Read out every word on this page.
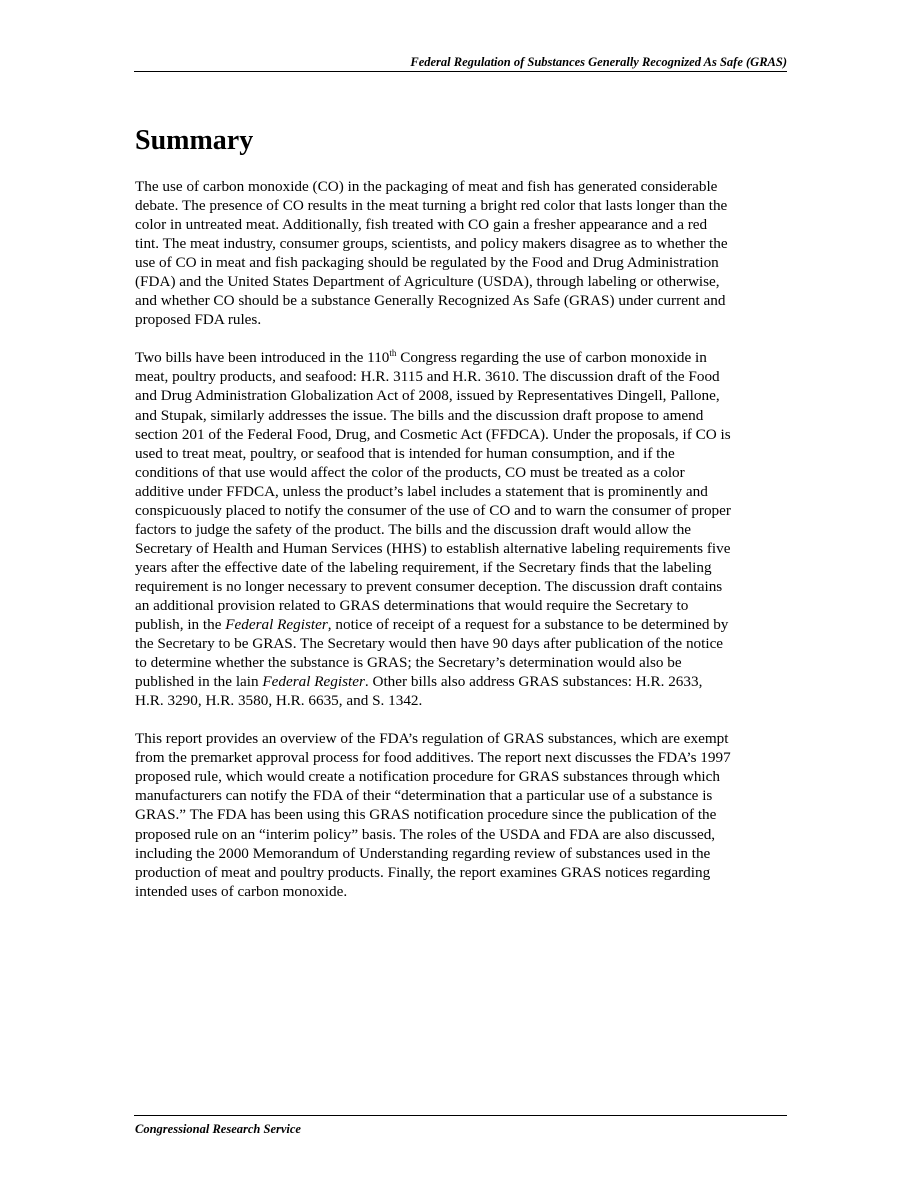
Federal Regulation of Substances Generally Recognized As Safe (GRAS)
Summary

The use of carbon monoxide (CO) in the packaging of meat and fish has generated considerable
debate. The presence of CO results in the meat turning a bright red color that lasts longer than the
color in untreated meat. Additionally, fish treated with CO gain a fresher appearance and a red
tint. The meat industry, consumer groups, scientists, and policy makers disagree as to whether the
use of CO in meat and fish packaging should be regulated by the Food and Drug Administration
(FDA) and the United States Department of Agriculture (USDA), through labeling or otherwise,
and whether CO should be a substance Generally Recognized As Safe (GRAS) under current and
proposed FDA rules.

Two bills have been introduced in the 110th Congress regarding the use of carbon monoxide in
meat, poultry products, and seafood: H.R. 3115 and H.R. 3610. The discussion draft of the Food
and Drug Administration Globalization Act of 2008, issued by Representatives Dingell, Pallone,
and Stupak, similarly addresses the issue. The bills and the discussion draft propose to amend
section 201 of the Federal Food, Drug, and Cosmetic Act (FFDCA). Under the proposals, if CO is
used to treat meat, poultry, or seafood that is intended for human consumption, and if the
conditions of that use would affect the color of the products, CO must be treated as a color
additive under FFDCA, unless the product’s label includes a statement that is prominently and
conspicuously placed to notify the consumer of the use of CO and to warn the consumer of proper
factors to judge the safety of the product. The bills and the discussion draft would allow the
Secretary of Health and Human Services (HHS) to establish alternative labeling requirements five
years after the effective date of the labeling requirement, if the Secretary finds that the labeling
requirement is no longer necessary to prevent consumer deception. The discussion draft contains
an additional provision related to GRAS determinations that would require the Secretary to
publish, in the Federal Register, notice of receipt of a request for a substance to be determined by
the Secretary to be GRAS. The Secretary would then have 90 days after publication of the notice
to determine whether the substance is GRAS; the Secretary’s determination would also be
published in the lain Federal Register. Other bills also address GRAS substances: H.R. 2633,
H.R. 3290, H.R. 3580, H.R. 6635, and S. 1342.

This report provides an overview of the FDA’s regulation of GRAS substances, which are exempt
from the premarket approval process for food additives. The report next discusses the FDA’s 1997
proposed rule, which would create a notification procedure for GRAS substances through which
manufacturers can notify the FDA of their “determination that a particular use of a substance is
GRAS.” The FDA has been using this GRAS notification procedure since the publication of the
proposed rule on an “interim policy” basis. The roles of the USDA and FDA are also discussed,
including the 2000 Memorandum of Understanding regarding review of substances used in the
production of meat and poultry products. Finally, the report examines GRAS notices regarding
intended uses of carbon monoxide.

Congressional Research Service
